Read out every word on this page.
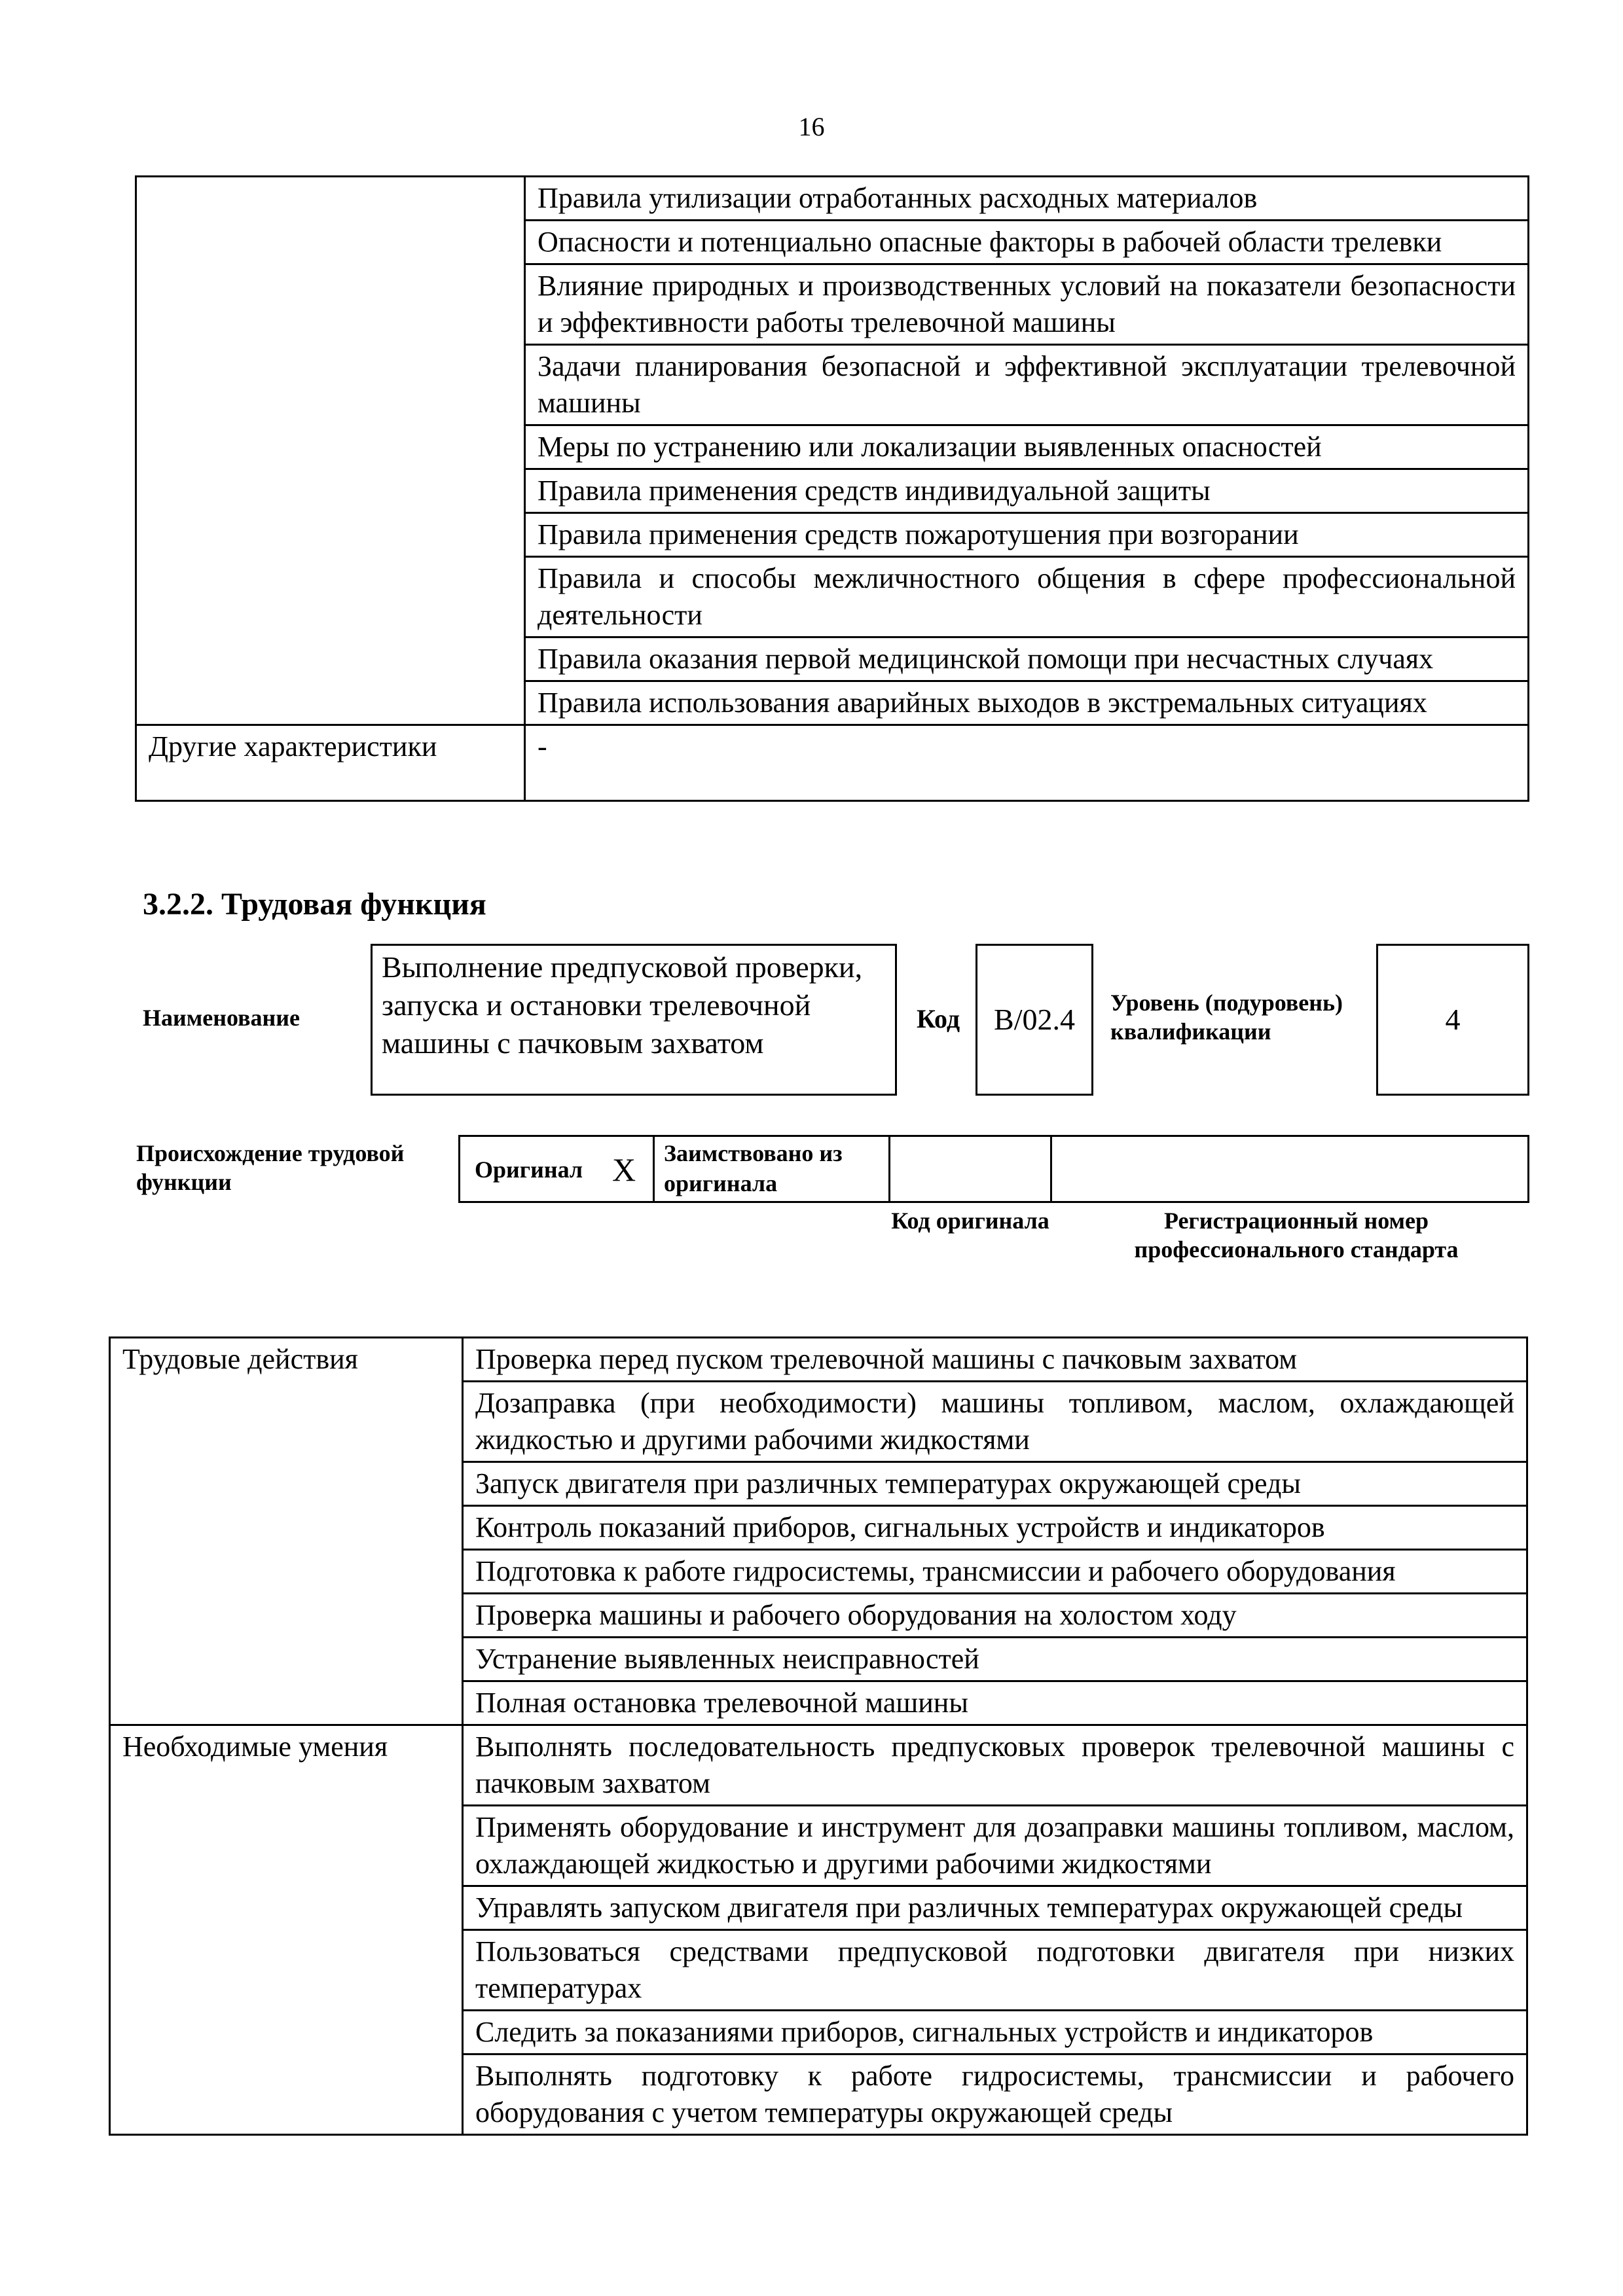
16
	Правила утилизации отработанных расходных материалов
	Опасности и потенциально опасные факторы в рабочей области трелевки
	Влияние природных и производственных условий на показатели безопасности и эффективности работы трелевочной машины
	Задачи планирования безопасной и эффективной эксплуатации трелевочной машины
	Меры по устранению или локализации выявленных опасностей
	Правила применения средств индивидуальной защиты
	Правила применения средств пожаротушения при возгорании
	Правила и способы межличностного общения в сфере профессиональной деятельности
	Правила оказания первой медицинской помощи при несчастных случаях
	Правила использования аварийных выходов в экстремальных ситуациях
Другие характеристики	-
3.2.2. Трудовая функция
Наименование
Выполнение предпусковой проверки, запуска и остановки трелевочной машины с пачковым захватом
Код	B/02.4	Уровень (подуровень) квалификации	4
Происхождение трудовой функции	Оригинал X	Заимствовано из оригинала
Код оригинала	Регистрационный номер профессионального стандарта
Трудовые действия	Проверка перед пуском трелевочной машины с пачковым захватом
	Дозаправка (при необходимости) машины топливом, маслом, охлаждающей жидкостью и другими рабочими жидкостями
	Запуск двигателя при различных температурах окружающей среды
	Контроль показаний приборов, сигнальных устройств и индикаторов
	Подготовка к работе гидросистемы, трансмиссии и рабочего оборудования
	Проверка машины и рабочего оборудования на холостом ходу
	Устранение выявленных неисправностей
	Полная остановка трелевочной машины
Необходимые умения	Выполнять последовательность предпусковых проверок трелевочной машины с пачковым захватом
	Применять оборудование и инструмент для дозаправки машины топливом, маслом, охлаждающей жидкостью и другими рабочими жидкостями
	Управлять запуском двигателя при различных температурах окружающей среды
	Пользоваться средствами предпусковой подготовки двигателя при низких температурах
	Следить за показаниями приборов, сигнальных устройств и индикаторов
	Выполнять подготовку к работе гидросистемы, трансмиссии и рабочего оборудования с учетом температуры окружающей среды
